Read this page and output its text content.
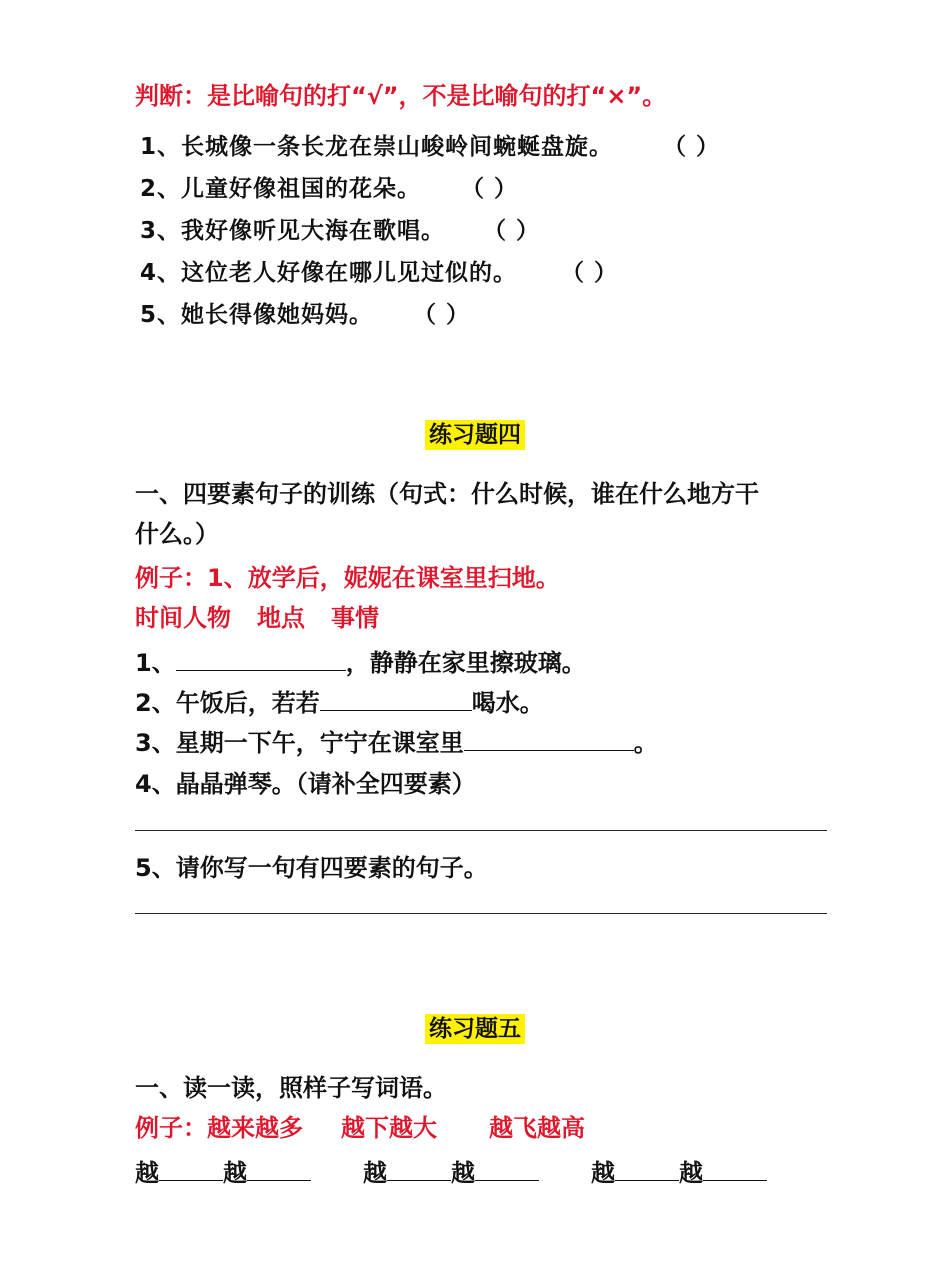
判断：是比喻句的打“√”，不是比喻句的打“×”。
1、长城像一条长龙在崇山峻岭间蜿蜒盘旋。 （ ）
2、儿童好像祖国的花朵。 （ ）
3、我好像听见大海在歌唱。 （ ）
4、这位老人好像在哪儿见过似的。 （ ）
5、她长得像她妈妈。 （ ）
练习题四
一、四要素句子的训练（句式：什么时候，谁在什么地方干
什么。）
例子：1、放学后，妮妮在课室里扫地。
时间人物 地点 事情
1、	，静静在家里擦玻璃。
2、午饭后，若若	喝水。
3、星期一下午，宁宁在课室里	。
4、晶晶弹琴。（请补全四要素）
5、请你写一句有四要素的句子。
练习题五
一、读一读，照样子写词语。
例子：越来越多 越下越大 越飞越高
越	越	越	越	越	越
